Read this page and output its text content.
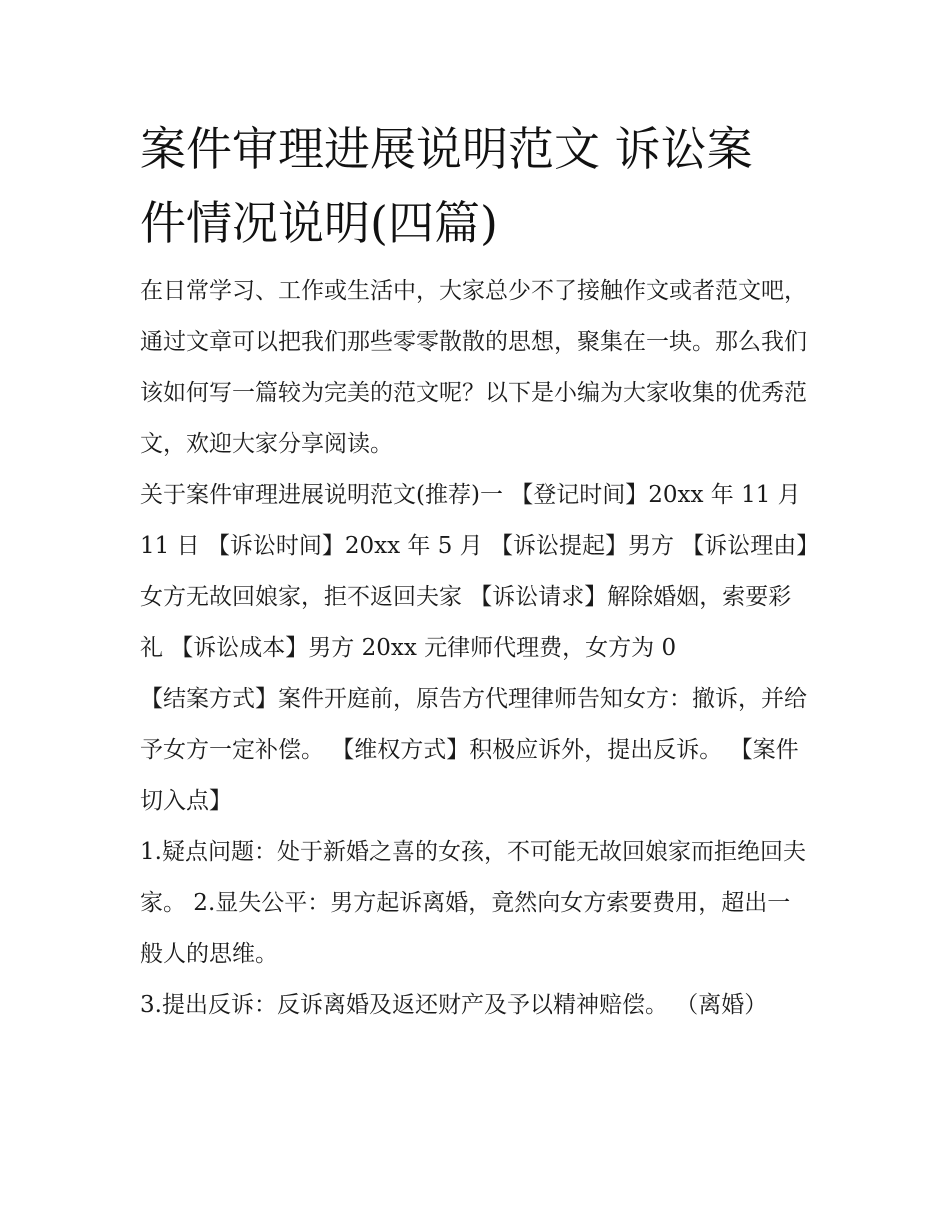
案件审理进展说明范文 诉讼案
件情况说明(四篇)

在日常学习、工作或生活中，大家总少不了接触作文或者范文吧，通过文章可以把我们那些零零散散的思想，聚集在一块。那么我们该如何写一篇较为完美的范文呢？以下是小编为大家收集的优秀范文，欢迎大家分享阅读。

关于案件审理进展说明范文(推荐)一 【登记时间】20xx 年 11 月 11 日 【诉讼时间】20xx 年 5 月 【诉讼提起】男方 【诉讼理由】女方无故回娘家，拒不返回夫家 【诉讼请求】解除婚姻，索要彩礼 【诉讼成本】男方 20xx 元律师代理费，女方为 0

【结案方式】案件开庭前，原告方代理律师告知女方：撤诉，并给予女方一定补偿。 【维权方式】积极应诉外，提出反诉。 【案件切入点】

1.疑点问题：处于新婚之喜的女孩，不可能无故回娘家而拒绝回夫家。 2.显失公平：男方起诉离婚，竟然向女方索要费用，超出一般人的思维。

3.提出反诉：反诉离婚及返还财产及予以精神赔偿。 （离婚）
